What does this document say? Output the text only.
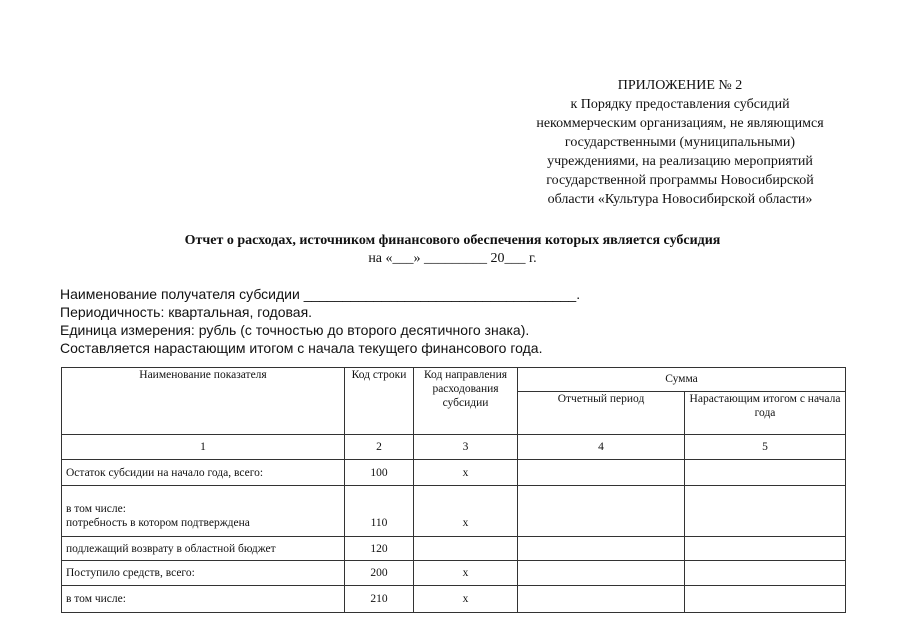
ПРИЛОЖЕНИЕ № 2
к Порядку предоставления субсидий
некоммерческим организациям, не являющимся
государственными (муниципальными)
учреждениями, на реализацию мероприятий
государственной программы Новосибирской
области «Культура Новосибирской области»
Отчет о расходах, источником финансового обеспечения которых является субсидия
на «___» _________ 20___ г.
Наименование получателя субсидии ___________________________________.
Периодичность: квартальная, годовая.
Единица измерения: рубль (с точностью до второго десятичного знака).
Составляется нарастающим итогом с начала текущего финансового года.
Наименование показателя	Код строки	Код направления расходования субсидии	Сумма	
			Отчетный период	Нарастающим итогом с начала года
1	2	3	4	5
Остаток субсидии на начало года, всего:	100	x		

в том числе:
потребность в котором подтверждена	110	x		
подлежащий возврату в областной бюджет	120			
Поступило средств, всего:	200	x		
в том числе:	210	x		
